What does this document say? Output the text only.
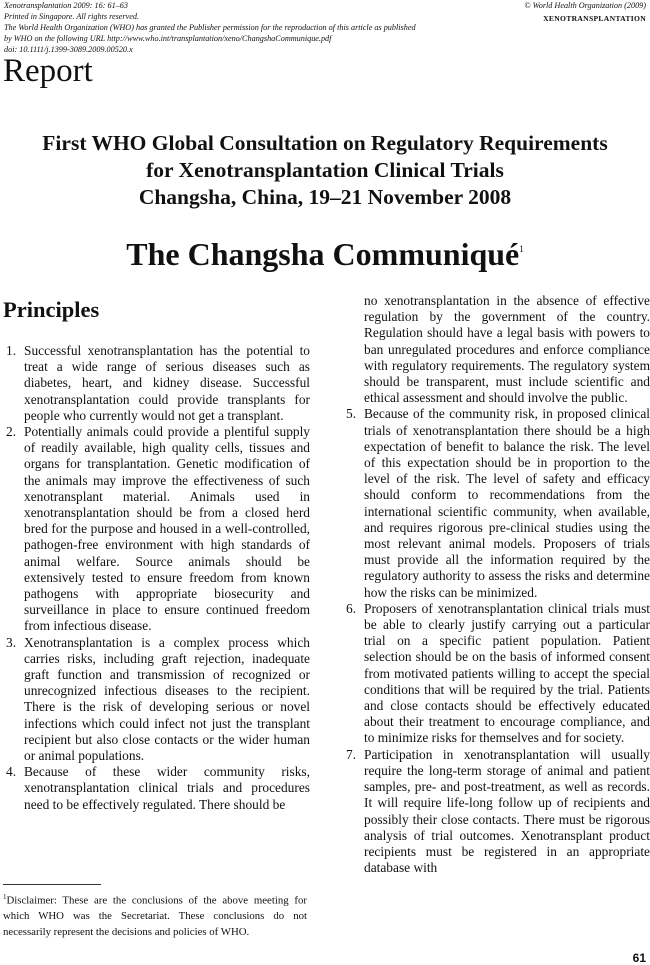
Xenotransplantation 2009: 16: 61–63
Printed in Singapore. All rights reserved.
The World Health Organization (WHO) has granted the Publisher permission for the reproduction of this article as published
by WHO on the following URL http://www.who.int/transplantation/xeno/ChangshaCommunique.pdf
doi: 10.1111/j.1399-3089.2009.00520.x
© World Health Organization (2009)
XENOTRANSPLANTATION
Report
First WHO Global Consultation on Regulatory Requirements
for Xenotransplantation Clinical Trials
Changsha, China, 19–21 November 2008
The Changsha Communiqué$^1$
Principles
1. Successful xenotransplantation has the potential to treat a wide range of serious diseases such as diabetes, heart, and kidney disease. Successful xenotransplantation could provide transplants for people who currently would not get a transplant.
2. Potentially animals could provide a plentiful supply of readily available, high quality cells, tissues and organs for transplantation. Genetic modification of the animals may improve the effectiveness of such xenotransplant material. Animals used in xenotransplantation should be from a closed herd bred for the purpose and housed in a well-controlled, pathogen-free environment with high standards of animal welfare. Source animals should be extensively tested to ensure freedom from known pathogens with appropriate biosecurity and surveillance in place to ensure continued freedom from infectious disease.
3. Xenotransplantation is a complex process which carries risks, including graft rejection, inadequate graft function and transmission of recognized or unrecognized infectious diseases to the recipient. There is the risk of developing serious or novel infections which could infect not just the transplant recipient but also close contacts or the wider human or animal populations.
4. Because of these wider community risks, xenotransplantation clinical trials and procedures need to be effectively regulated. There should be
no xenotransplantation in the absence of effective regulation by the government of the country. Regulation should have a legal basis with powers to ban unregulated procedures and enforce compliance with regulatory requirements. The regulatory system should be transparent, must include scientific and ethical assessment and should involve the public.
5. Because of the community risk, in proposed clinical trials of xenotransplantation there should be a high expectation of benefit to balance the risk. The level of this expectation should be in proportion to the level of the risk. The level of safety and efficacy should conform to recommendations from the international scientific community, when available, and requires rigorous pre-clinical studies using the most relevant animal models. Proposers of trials must provide all the information required by the regulatory authority to assess the risks and determine how the risks can be minimized.
6. Proposers of xenotransplantation clinical trials must be able to clearly justify carrying out a particular trial on a specific patient population. Patient selection should be on the basis of informed consent from motivated patients willing to accept the special conditions that will be required by the trial. Patients and close contacts should be effectively educated about their treatment to encourage compliance, and to minimize risks for themselves and for society.
7. Participation in xenotransplantation will usually require the long-term storage of animal and patient samples, pre- and post-treatment, as well as records. It will require life-long follow up of recipients and possibly their close contacts. There must be rigorous analysis of trial outcomes. Xenotransplant product recipients must be registered in an appropriate database with
$^1$Disclaimer: These are the conclusions of the above meeting for which WHO was the Secretariat. These conclusions do not necessarily represent the decisions and policies of WHO.
61
